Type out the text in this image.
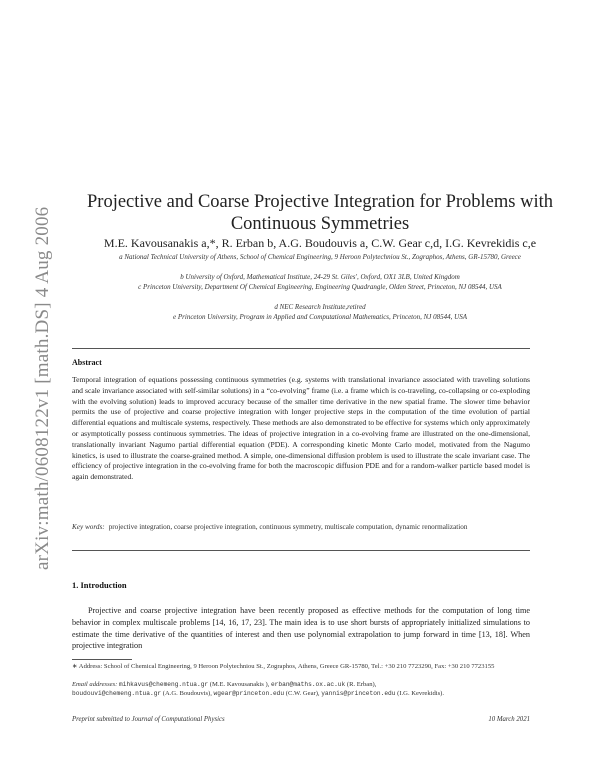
arXiv:math/0608122v1 [math.DS] 4 Aug 2006
Projective and Coarse Projective Integration for Problems with Continuous Symmetries
M.E. Kavousanakis a,*, R. Erban b, A.G. Boudouvis a, C.W. Gear c,d, I.G. Kevrekidis c,e
a National Technical University of Athens, School of Chemical Engineering, 9 Heroon Polytechniou St., Zographos, Athens, GR-15780, Greece
b University of Oxford, Mathematical Institute, 24-29 St. Giles', Oxford, OX1 3LB, United Kingdom
c Princeton University, Department Of Chemical Engineering, Engineering Quadrangle, Olden Street, Princeton, NJ 08544, USA
d NEC Research Institute,retired
e Princeton University, Program in Applied and Computational Mathematics, Princeton, NJ 08544, USA
Abstract

Temporal integration of equations possessing continuous symmetries (e.g. systems with translational invariance associated with traveling solutions and scale invariance associated with self-similar solutions) in a “co-evolving” frame (i.e. a frame which is co-traveling, co-collapsing or co-exploding with the evolving solution) leads to improved accuracy because of the smaller time derivative in the new spatial frame. The slower time behavior permits the use of projective and coarse projective integration with longer projective steps in the computation of the time evolution of partial differential equations and multiscale systems, respectively. These methods are also demonstrated to be effective for systems which only approximately or asymptotically possess continuous symmetries. The ideas of projective integration in a co-evolving frame are illustrated on the one-dimensional, translationally invariant Nagumo partial differential equation (PDE). A corresponding kinetic Monte Carlo model, motivated from the Nagumo kinetics, is used to illustrate the coarse-grained method. A simple, one-dimensional diffusion problem is used to illustrate the scale invariant case. The efficiency of projective integration in the co-evolving frame for both the macroscopic diffusion PDE and for a random-walker particle based model is again demonstrated.

Key words: projective integration, coarse projective integration, continuous symmetry, multiscale computation, dynamic renormalization
1. Introduction

Projective and coarse projective integration have been recently proposed as effective methods for the computation of long time behavior in complex multiscale problems [14, 16, 17, 23]. The main idea is to use short bursts of appropriately initialized simulations to estimate the time derivative of the quantities of interest and then use polynomial extrapolation to jump forward in time [13, 18]. When projective integration

∗ Address: School of Chemical Engineering, 9 Heroon Polytechniou St., Zographos, Athens, Greece GR-15780, Tel.: +30 210 7723290, Fax: +30 210 7723155
Email addresses: mihkavus@chemeng.ntua.gr (M.E. Kavousanakis ), erban@maths.ox.ac.uk (R. Erban),
boudouvi@chemeng.ntua.gr (A.G. Boudouvis), wgear@princeton.edu (C.W. Gear), yannis@princeton.edu (I.G. Kevrekidis).
Preprint submitted to Journal of Computational Physics	10 March 2021
